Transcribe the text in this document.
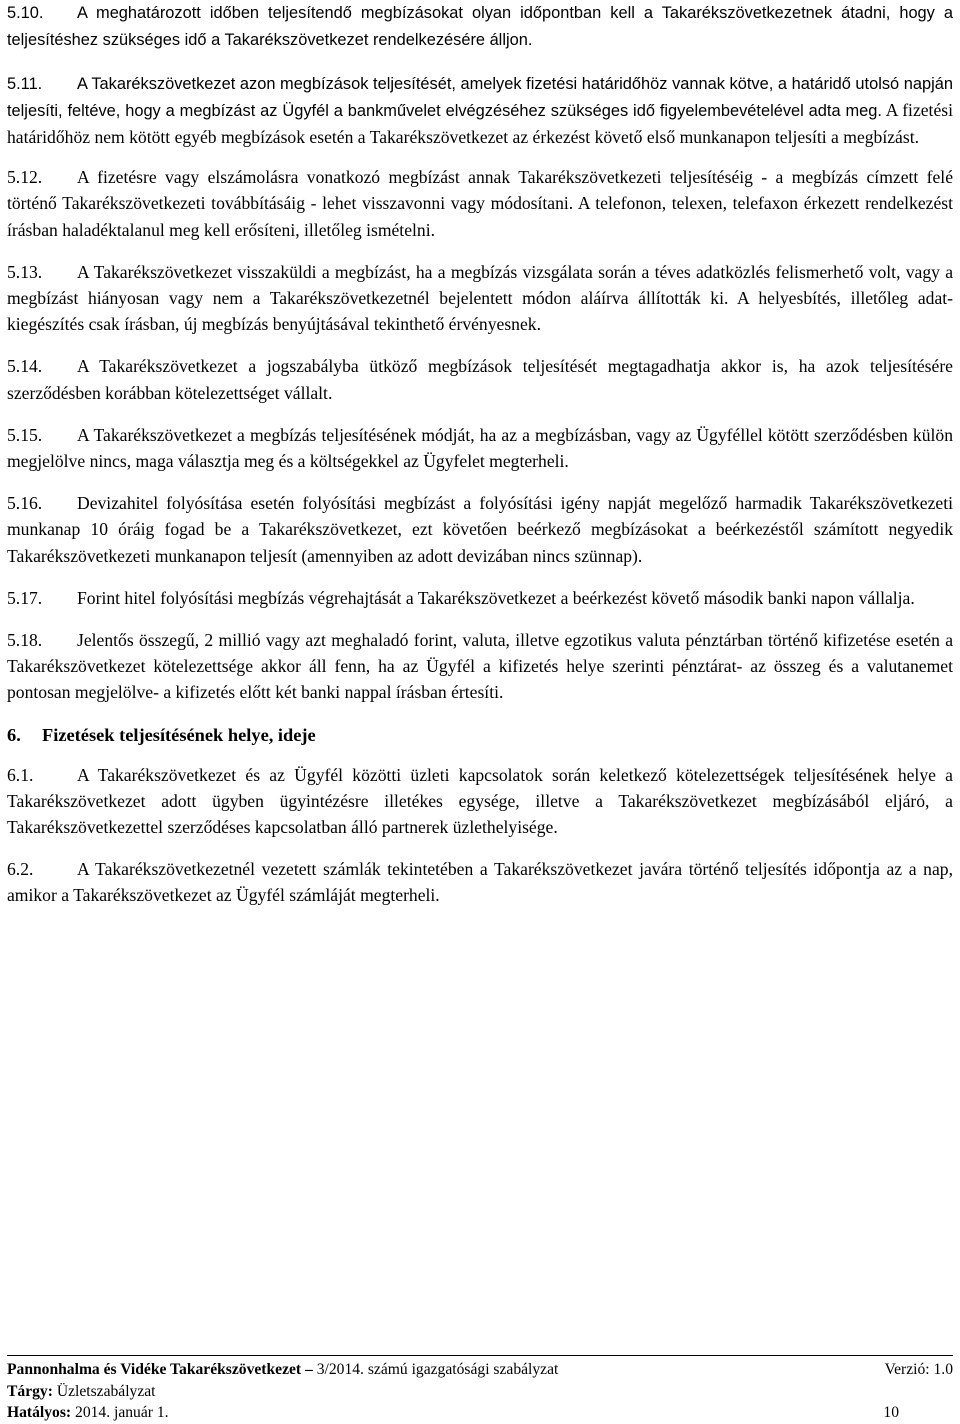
5.10. A meghatározott időben teljesítendő megbízásokat olyan időpontban kell a Takarékszövetkezetnek átadni, hogy a teljesítéshez szükséges idő a Takarékszövetkezet rendelkezésére álljon.

5.11. A Takarékszövetkezet azon megbízások teljesítését, amelyek fizetési határidőhöz vannak kötve, a határidő utolsó napján teljesíti, feltéve, hogy a megbízást az Ügyfél a bankművelet elvégzéséhez szükséges idő figyelembevételével adta meg. A fizetési határidőhöz nem kötött egyéb megbízások esetén a Takarékszövetkezet az érkezést követő első munkanapon teljesíti a megbízást.

5.12. A fizetésre vagy elszámolásra vonatkozó megbízást annak Takarékszövetkezeti teljesítéséig - a megbízás címzett felé történő Takarékszövetkezeti továbbításáig - lehet visszavonni vagy módosítani. A telefonon, telexen, telefaxon érkezett rendelkezést írásban haladéktalanul meg kell erősíteni, illetőleg ismételni.

5.13. A Takarékszövetkezet visszaküldi a megbízást, ha a megbízás vizsgálata során a téves adatközlés felismerhető volt, vagy a megbízást hiányosan vagy nem a Takarékszövetkezetnél bejelentett módon aláírva állították ki. A helyesbítés, illetőleg adat-kiegészítés csak írásban, új megbízás benyújtásával tekinthető érvényesnek.

5.14. A Takarékszövetkezet a jogszabályba ütköző megbízások teljesítését megtagadhatja akkor is, ha azok teljesítésére szerződésben korábban kötelezettséget vállalt.

5.15. A Takarékszövetkezet a megbízás teljesítésének módját, ha az a megbízásban, vagy az Ügyféllel kötött szerződésben külön megjelölve nincs, maga választja meg és a költségekkel az Ügyfelet megterheli.

5.16. Devizahitel folyósítása esetén folyósítási megbízást a folyósítási igény napját megelőző harmadik Takarékszövetkezeti munkanap 10 óráig fogad be a Takarékszövetkezet, ezt követően beérkező megbízásokat a beérkezéstől számított negyedik Takarékszövetkezeti munkanapon teljesít (amennyiben az adott devizában nincs szünnap).

5.17. Forint hitel folyósítási megbízás végrehajtását a Takarékszövetkezet a beérkezést követő második banki napon vállalja.

5.18. Jelentős összegű, 2 millió vagy azt meghaladó forint, valuta, illetve egzotikus valuta pénztárban történő kifizetése esetén a Takarékszövetkezet kötelezettsége akkor áll fenn, ha az Ügyfél a kifizetés helye szerinti pénztárat- az összeg és a valutanemet pontosan megjelölve- a kifizetés előtt két banki nappal írásban értesíti.

6. Fizetések teljesítésének helye, ideje

6.1. A Takarékszövetkezet és az Ügyfél közötti üzleti kapcsolatok során keletkező kötelezettségek teljesítésének helye a Takarékszövetkezet adott ügyben ügyintézésre illetékes egysége, illetve a Takarékszövetkezet megbízásából eljáró, a Takarékszövetkezettel szerződéses kapcsolatban álló partnerek üzlethelyisége.

6.2. A Takarékszövetkezetnél vezetett számlák tekintetében a Takarékszövetkezet javára történő teljesítés időpontja az a nap, amikor a Takarékszövetkezet az Ügyfél számláját megterheli.

Pannonhalma és Vidéke Takarékszövetkezet – 3/2014. számú igazgatósági szabályzat	Verzió: 1.0
Tárgy: Üzletszabályzat
Hatályos: 2014. január 1.	10
